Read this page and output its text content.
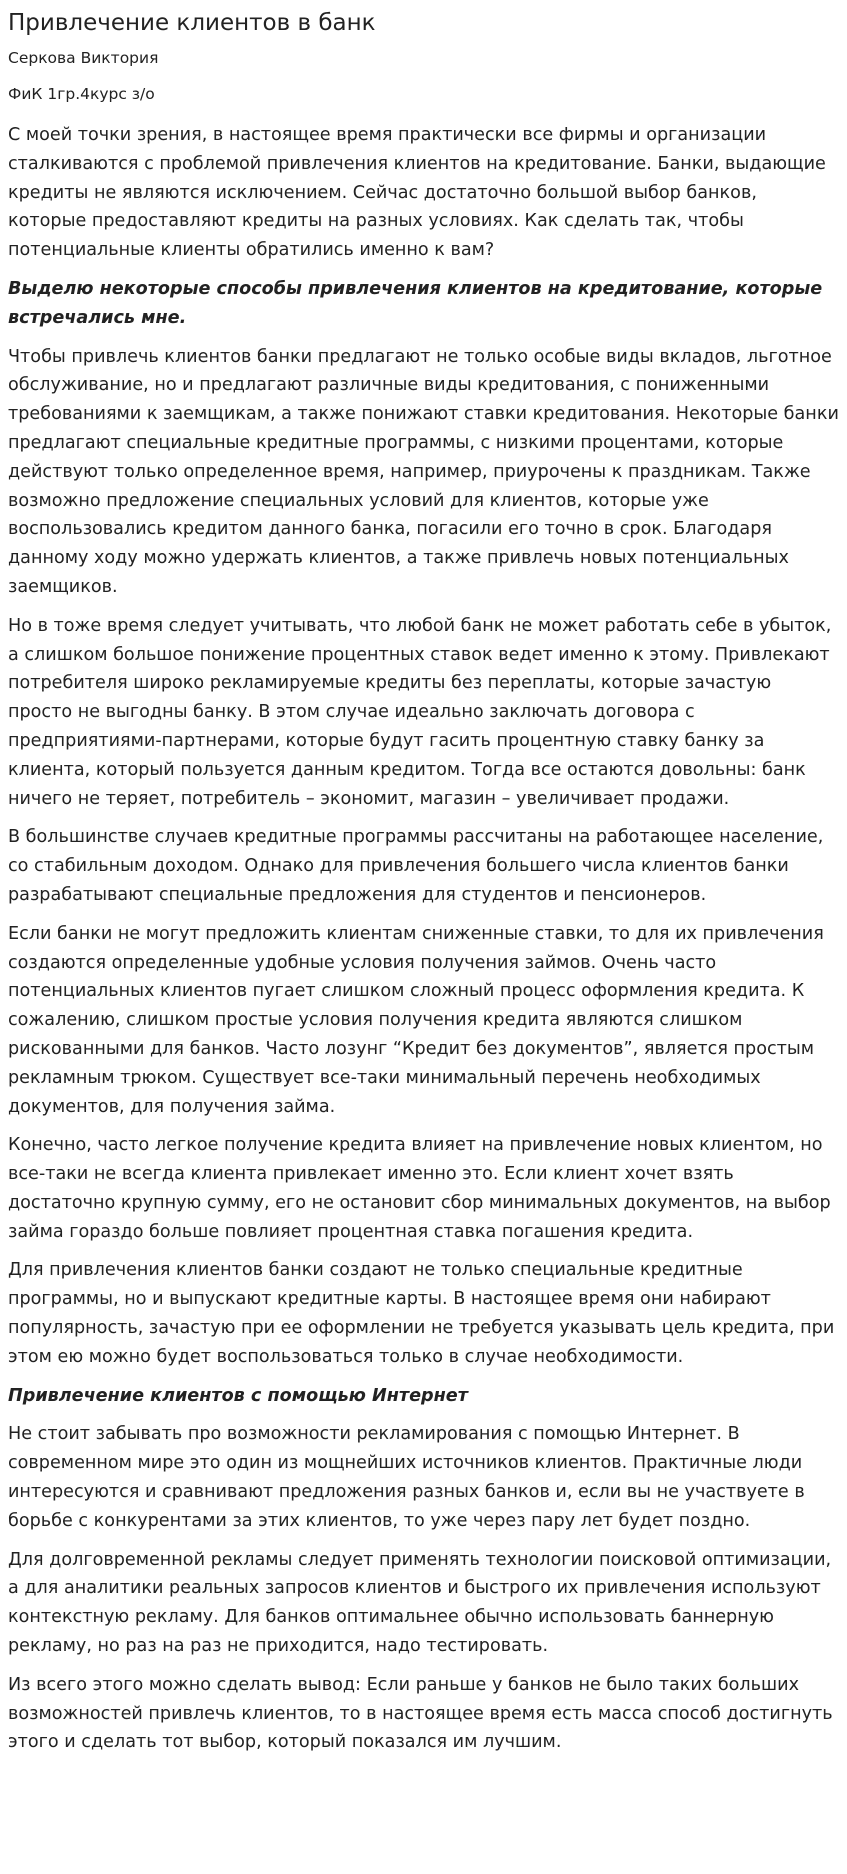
Привлечение клиентов в банк
Серкова Виктория
ФиК 1гр.4курс з/о

С моей точки зрения, в настоящее время практически все фирмы и организации сталкиваются с проблемой привлечения клиентов на кредитование. Банки, выдающие кредиты не являются исключением. Сейчас достаточно большой выбор банков, которые предоставляют кредиты на разных условиях. Как сделать так, чтобы потенциальные клиенты обратились именно к вам?

Выделю некоторые способы привлечения клиентов на кредитование, которые встречались мне.

Чтобы привлечь клиентов банки предлагают не только особые виды вкладов, льготное обслуживание, но и предлагают различные виды кредитования, с пониженными требованиями к заемщикам, а также понижают ставки кредитования. Некоторые банки предлагают специальные кредитные программы, с низкими процентами, которые действуют только определенное время, например, приурочены к праздникам. Также возможно предложение специальных условий для клиентов, которые уже воспользовались кредитом данного банка, погасили его точно в срок. Благодаря данному ходу можно удержать клиентов, а также привлечь новых потенциальных заемщиков.

Но в тоже время следует учитывать, что любой банк не может работать себе в убыток, а слишком большое понижение процентных ставок ведет именно к этому. Привлекают потребителя широко рекламируемые кредиты без переплаты, которые зачастую просто не выгодны банку. В этом случае идеально заключать договора с предприятиями-партнерами, которые будут гасить процентную ставку банку за клиента, который пользуется данным кредитом. Тогда все остаются довольны: банк ничего не теряет, потребитель – экономит, магазин – увеличивает продажи.

В большинстве случаев кредитные программы рассчитаны на работающее население, со стабильным доходом. Однако для привлечения большего числа клиентов банки разрабатывают специальные предложения для студентов и пенсионеров.

Если банки не могут предложить клиентам сниженные ставки, то для их привлечения создаются определенные удобные условия получения займов. Очень часто потенциальных клиентов пугает слишком сложный процесс оформления кредита. К сожалению, слишком простые условия получения кредита являются слишком рискованными для банков. Часто лозунг “Кредит без документов”, является простым рекламным трюком. Существует все-таки минимальный перечень необходимых документов, для получения займа.

Конечно, часто легкое получение кредита влияет на привлечение новых клиентом, но все-таки не всегда клиента привлекает именно это. Если клиент хочет взять достаточно крупную сумму, его не остановит сбор минимальных документов, на выбор займа гораздо больше повлияет процентная ставка погашения кредита.

Для привлечения клиентов банки создают не только специальные кредитные программы, но и выпускают кредитные карты. В настоящее время они набирают популярность, зачастую при ее оформлении не требуется указывать цель кредита, при этом ею можно будет воспользоваться только в случае необходимости.

Привлечение клиентов с помощью Интернет

Не стоит забывать про возможности рекламирования с помощью Интернет. В современном мире это один из мощнейших источников клиентов. Практичные люди интересуются и сравнивают предложения разных банков и, если вы не участвуете в борьбе с конкурентами за этих клиентов, то уже через пару лет будет поздно.

Для долговременной рекламы следует применять технологии поисковой оптимизации, а для аналитики реальных запросов клиентов и быстрого их привлечения используют контекстную рекламу. Для банков оптимальнее обычно использовать баннерную рекламу, но раз на раз не приходится, надо тестировать.

Из всего этого можно сделать вывод: Если раньше у банков не было таких больших возможностей привлечь клиентов, то в настоящее время есть масса способ достигнуть этого и сделать тот выбор, который показался им лучшим.
